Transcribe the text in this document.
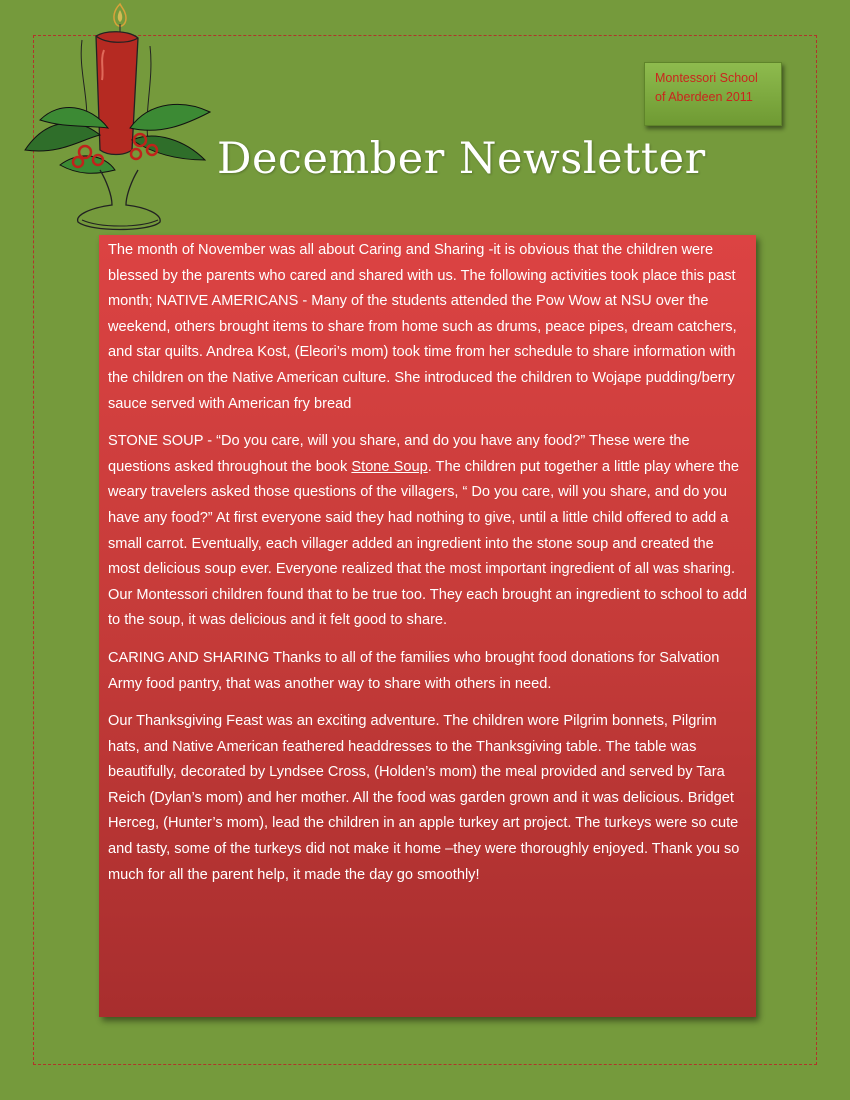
Montessori School
of Aberdeen 2011
December Newsletter

The month of November was all about Caring and Sharing -it is obvious that the children were blessed by the parents who cared and shared with us. The following activities took place this past month; NATIVE AMERICANS - Many of the students attended the Pow Wow at NSU over the weekend, others brought items to share from home such as drums, peace pipes, dream catchers, and star quilts. Andrea Kost, (Eleori’s mom) took time from her schedule to share information with the children on the Native American culture. She introduced the children to Wojape pudding/berry sauce served with American fry bread

STONE SOUP - “Do you care, will you share, and do you have any food?” These were the questions asked throughout the book Stone Soup. The children put together a little play where the weary travelers asked those questions of the villagers, “ Do you care, will you share, and do you have any food?” At first everyone said they had nothing to give, until a little child offered to add a small carrot. Eventually, each villager added an ingredient into the stone soup and created the most delicious soup ever. Everyone realized that the most important ingredient of all was sharing. Our Montessori children found that to be true too. They each brought an ingredient to school to add to the soup, it was delicious and it felt good to share.

CARING AND SHARING Thanks to all of the families who brought food donations for Salvation Army food pantry, that was another way to share with others in need.

Our Thanksgiving Feast was an exciting adventure. The children wore Pilgrim bonnets, Pilgrim hats, and Native American feathered headdresses to the Thanksgiving table. The table was beautifully, decorated by Lyndsee Cross, (Holden’s mom) the meal provided and served by Tara Reich (Dylan’s mom) and her mother. All the food was garden grown and it was delicious. Bridget Herceg, (Hunter’s mom), lead the children in an apple turkey art project. The turkeys were so cute and tasty, some of the turkeys did not make it home –they were thoroughly enjoyed. Thank you so much for all the parent help, it made the day go smoothly!
